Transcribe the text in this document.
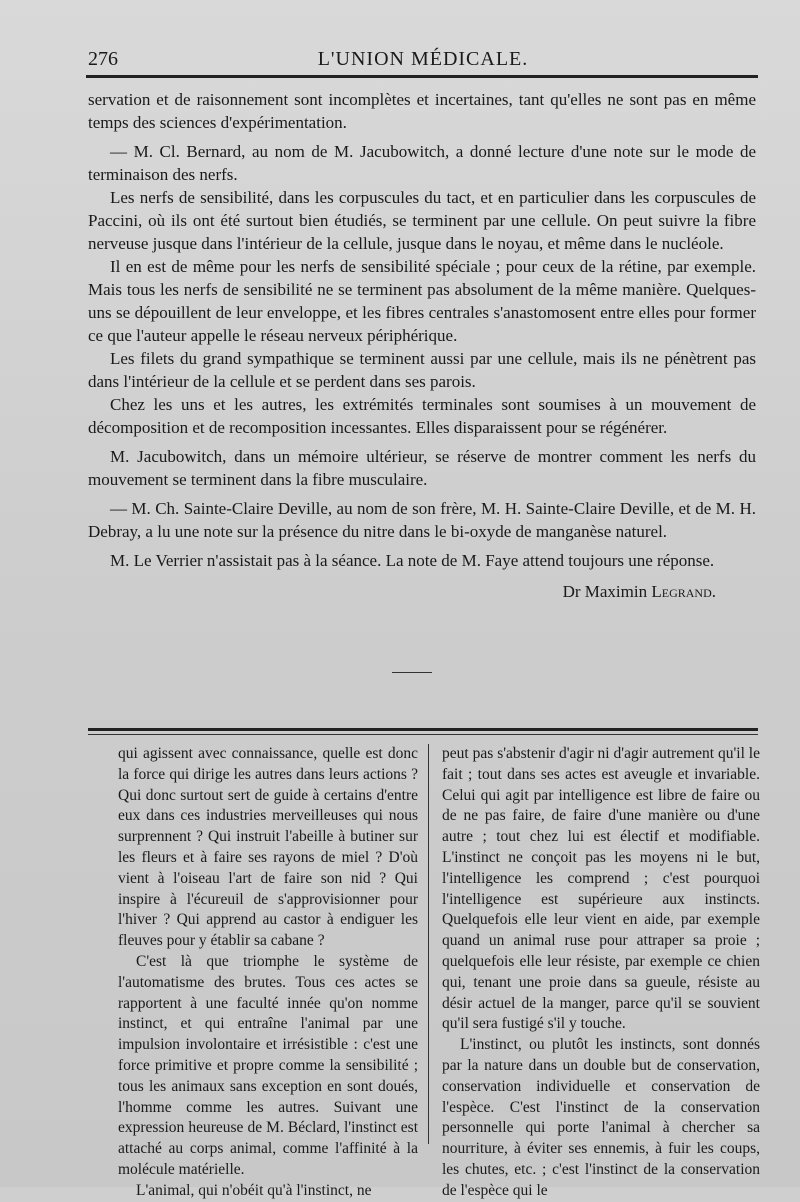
276	L'UNION MÉDICALE.

servation et de raisonnement sont incomplètes et incertaines, tant qu'elles ne sont pas en même temps des sciences d'expérimentation.

— M. Cl. Bernard, au nom de M. Jacubowitch, a donné lecture d'une note sur le mode de terminaison des nerfs.

Les nerfs de sensibilité, dans les corpuscules du tact, et en particulier dans les corpuscules de Paccini, où ils ont été surtout bien étudiés, se terminent par une cellule. On peut suivre la fibre nerveuse jusque dans l'intérieur de la cellule, jusque dans le noyau, et même dans le nucléole.

Il en est de même pour les nerfs de sensibilité spéciale ; pour ceux de la rétine, par exemple. Mais tous les nerfs de sensibilité ne se terminent pas absolument de la même manière. Quelques-uns se dépouillent de leur enveloppe, et les fibres centrales s'anastomosent entre elles pour former ce que l'auteur appelle le réseau nerveux périphérique.

Les filets du grand sympathique se terminent aussi par une cellule, mais ils ne pénètrent pas dans l'intérieur de la cellule et se perdent dans ses parois.

Chez les uns et les autres, les extrémités terminales sont soumises à un mouvement de décomposition et de recomposition incessantes. Elles disparaissent pour se régénérer.

M. Jacubowitch, dans un mémoire ultérieur, se réserve de montrer comment les nerfs du mouvement se terminent dans la fibre musculaire.

— M. Ch. Sainte-Claire Deville, au nom de son frère, M. H. Sainte-Claire Deville, et de M. H. Debray, a lu une note sur la présence du nitre dans le bi-oxyde de manganèse naturel.

M. Le Verrier n'assistait pas à la séance. La note de M. Faye attend toujours une réponse.

Dr Maximin Legrand.

qui agissent avec connaissance, quelle est donc la force qui dirige les autres dans leurs actions ? Qui donc surtout sert de guide à certains d'entre eux dans ces industries merveilleuses qui nous surprennent ? Qui instruit l'abeille à butiner sur les fleurs et à faire ses rayons de miel ? D'où vient à l'oiseau l'art de faire son nid ? Qui inspire à l'écureuil de s'approvisionner pour l'hiver ? Qui apprend au castor à endiguer les fleuves pour y établir sa cabane ?

C'est là que triomphe le système de l'automatisme des brutes. Tous ces actes se rapportent à une faculté innée qu'on nomme instinct, et qui entraîne l'animal par une impulsion involontaire et irrésistible : c'est une force primitive et propre comme la sensibilité ; tous les animaux sans exception en sont doués, l'homme comme les autres. Suivant une expression heureuse de M. Béclard, l'instinct est attaché au corps animal, comme l'affinité à la molécule matérielle.

L'animal, qui n'obéit qu'à l'instinct, ne

peut pas s'abstenir d'agir ni d'agir autrement qu'il le fait ; tout dans ses actes est aveugle et invariable. Celui qui agit par intelligence est libre de faire ou de ne pas faire, de faire d'une manière ou d'une autre ; tout chez lui est électif et modifiable. L'instinct ne conçoit pas les moyens ni le but, l'intelligence les comprend ; c'est pourquoi l'intelligence est supérieure aux instincts. Quelquefois elle leur vient en aide, par exemple quand un animal ruse pour attraper sa proie ; quelquefois elle leur résiste, par exemple ce chien qui, tenant une proie dans sa gueule, résiste au désir actuel de la manger, parce qu'il se souvient qu'il sera fustigé s'il y touche.

L'instinct, ou plutôt les instincts, sont donnés par la nature dans un double but de conservation, conservation individuelle et conservation de l'espèce. C'est l'instinct de la conservation personnelle qui porte l'animal à chercher sa nourriture, à éviter ses ennemis, à fuir les coups, les chutes, etc. ; c'est l'instinct de la conservation de l'espèce qui le
